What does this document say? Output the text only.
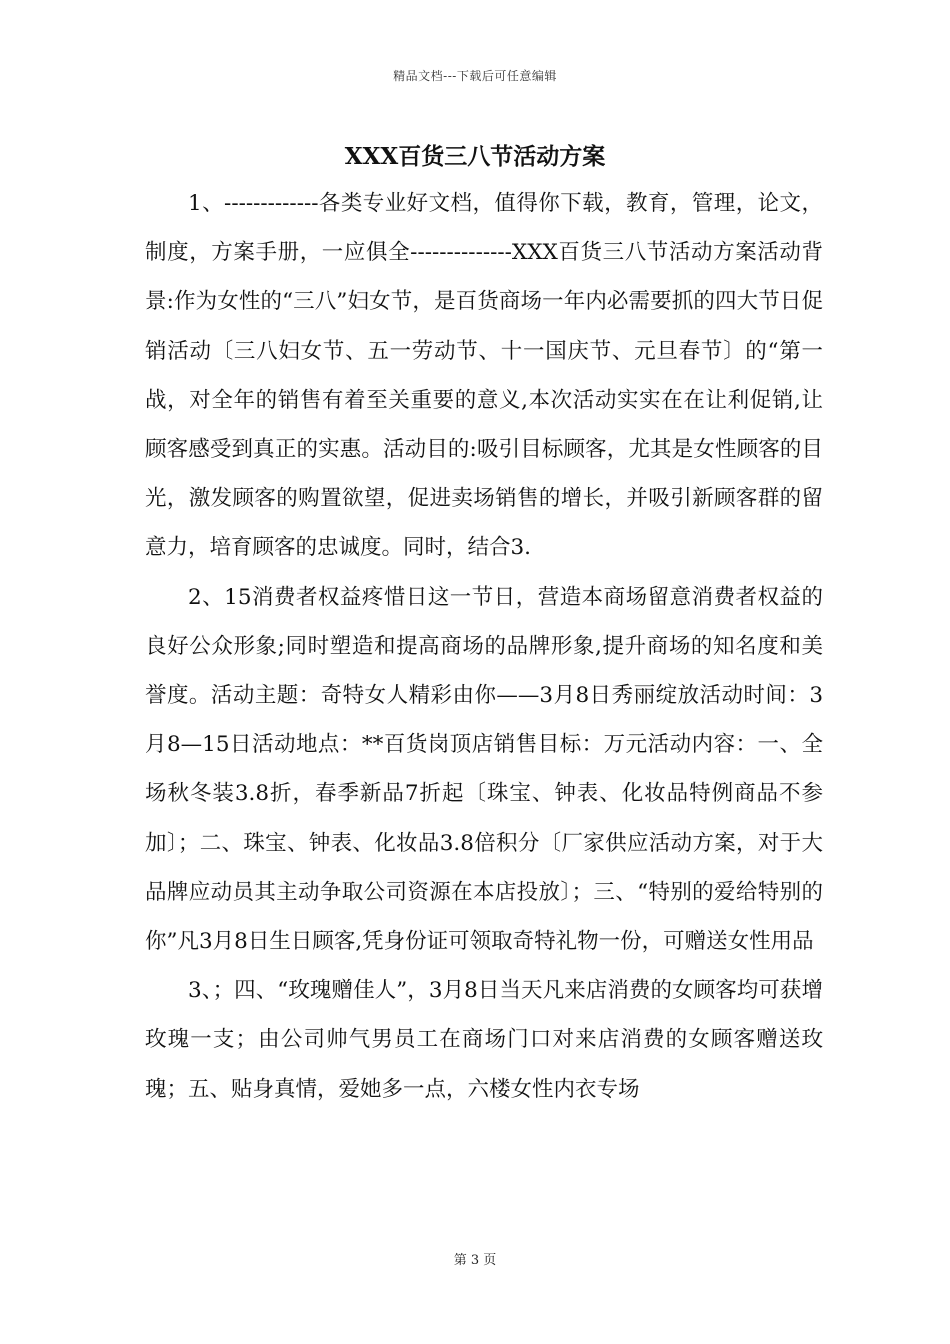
精品文档---下载后可任意编辑
XXX百货三八节活动方案

1、-------------各类专业好文档，值得你下载，教育，管理，论文，制度，方案手册，一应俱全--------------XXX百货三八节活动方案活动背景:作为女性的“三八”妇女节，是百货商场一年内必需要抓的四大节日促销活动〔三八妇女节、五一劳动节、十一国庆节、元旦春节〕的“第一战，对全年的销售有着至关重要的意义,本次活动实实在在让利促销,让顾客感受到真正的实惠。活动目的:吸引目标顾客，尤其是女性顾客的目光，激发顾客的购置欲望，促进卖场销售的增长，并吸引新顾客群的留意力，培育顾客的忠诚度。同时，结合3.

2、15消费者权益疼惜日这一节日，营造本商场留意消费者权益的良好公众形象;同时塑造和提高商场的品牌形象,提升商场的知名度和美誉度。活动主题：奇特女人精彩由你——3月8日秀丽绽放活动时间：3月8—15日活动地点：**百货岗顶店销售目标：万元活动内容：一、全场秋冬装3.8折，春季新品7折起〔珠宝、钟表、化妆品特例商品不参加〕；二、珠宝、钟表、化妆品3.8倍积分〔厂家供应活动方案，对于大品牌应动员其主动争取公司资源在本店投放〕；三、“特别的爱给特别的你”凡3月8日生日顾客,凭身份证可领取奇特礼物一份，可赠送女性用品

3、；四、“玫瑰赠佳人”，3月8日当天凡来店消费的女顾客均可获增玫瑰一支；由公司帅气男员工在商场门口对来店消费的女顾客赠送玫瑰；五、贴身真情，爱她多一点，六楼女性内衣专场

第 3 页
